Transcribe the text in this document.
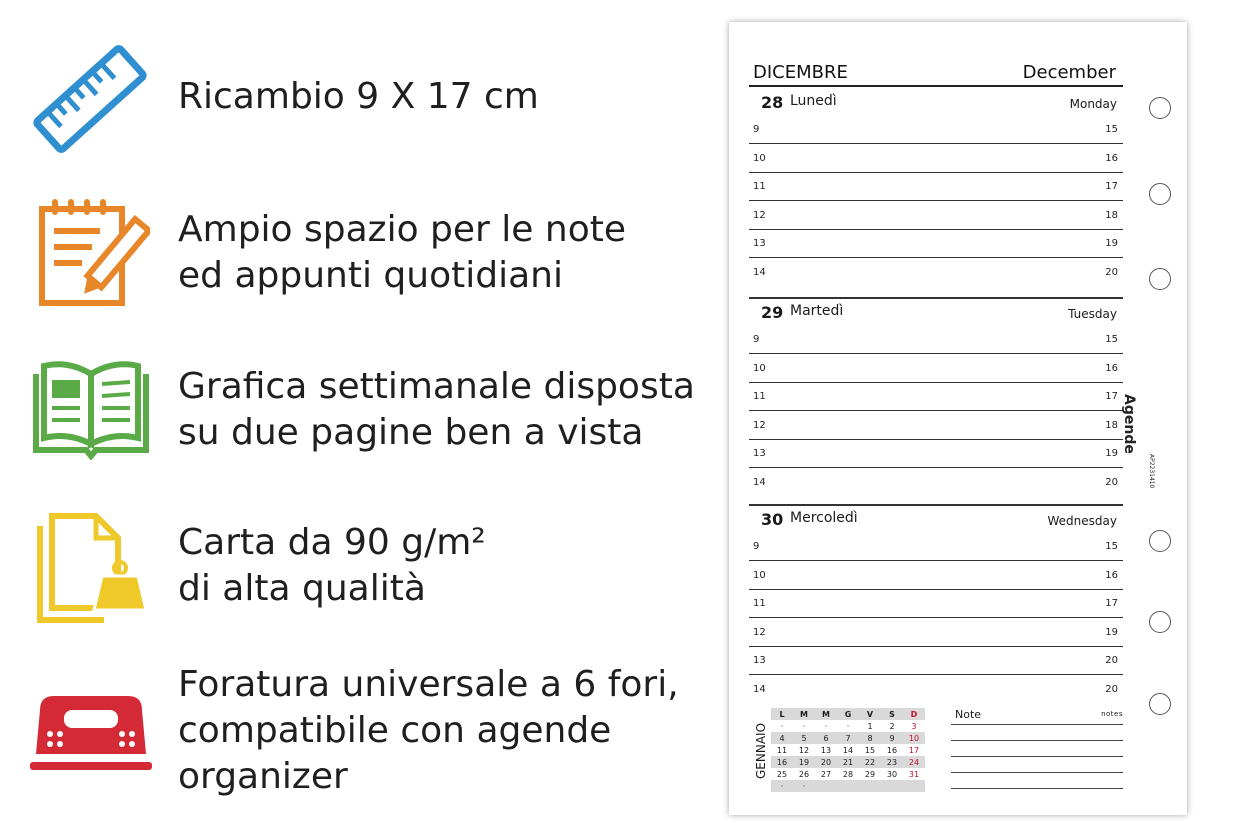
Ricambio 9 X 17 cm
Ampio spazio per le note
ed appunti quotidiani
Grafica settimanale disposta
su due pagine ben a vista
Carta da 90 g/m²
di alta qualità
Foratura universale a 6 fori,
compatibile con agende
organizer
DICEMBRE	December
28 Lunedì	Monday
9	15
10	16
11	17
12	18
13	19
14	20
29 Martedì	Tuesday
9	15
10	16
11	17
12	18
13	19
14	20
30 Mercoledì	Wednesday
9	15
10	16
11	17
12	19
13	20
14	20
Agende
AP2231410
GENNAIO
L	M	M	G	V	S	D
·	·	·	·	1	2	3
4	5	6	7	8	9	10
11	12	13	14	15	16	17
16	19	20	21	22	23	24
25	26	27	28	29	30	31
·	·					
Note	notes
